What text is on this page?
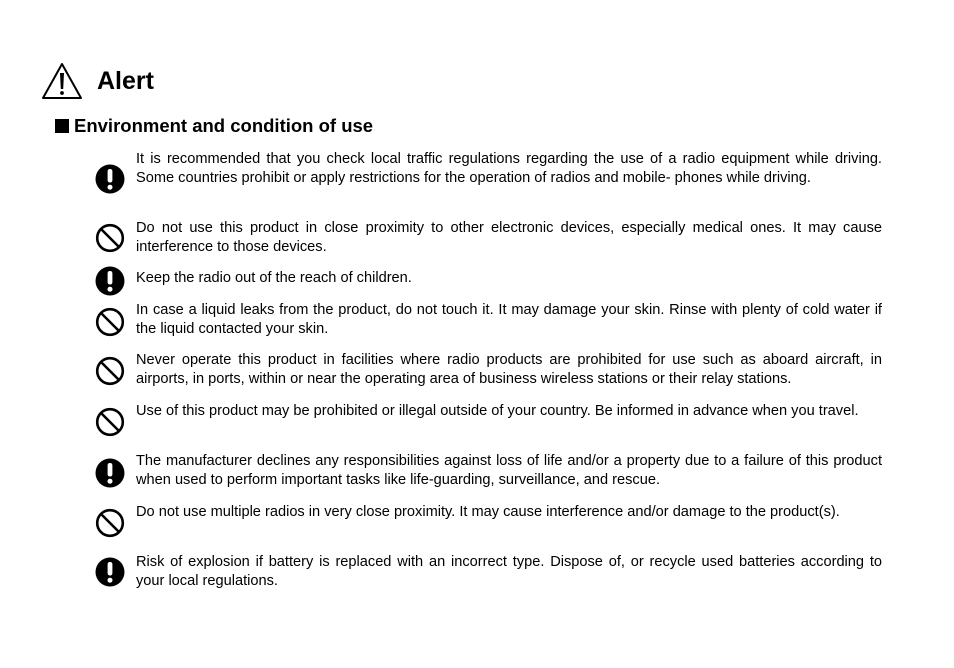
Alert
Environment and condition of use
It is recommended that you check local traffic regulations regarding the use of a radio equipment while driving. Some countries prohibit or apply restrictions for the operation of radios and mobile- phones while driving.
Do not use this product in close proximity to other electronic devices, especially medical ones. It may cause interference to those devices.
Keep the radio out of the reach of children.
In case a liquid leaks from the product, do not touch it. It may damage your skin. Rinse with plenty of cold water if the liquid contacted your skin.
Never operate this product in facilities where radio products are prohibited for use such as aboard aircraft, in airports, in ports, within or near the operating area of business wireless stations or their relay stations.
Use of this product may be prohibited or illegal outside of your country. Be informed in advance when you travel.
The manufacturer declines any responsibilities against loss of life and/or a property due to a failure of this product when used to perform important tasks like life-guarding, surveillance, and rescue.
Do not use multiple radios in very close proximity. It may cause interference and/or damage to the product(s).
Risk of explosion if battery is replaced with an incorrect type. Dispose of, or recycle used batteries according to your local regulations.
